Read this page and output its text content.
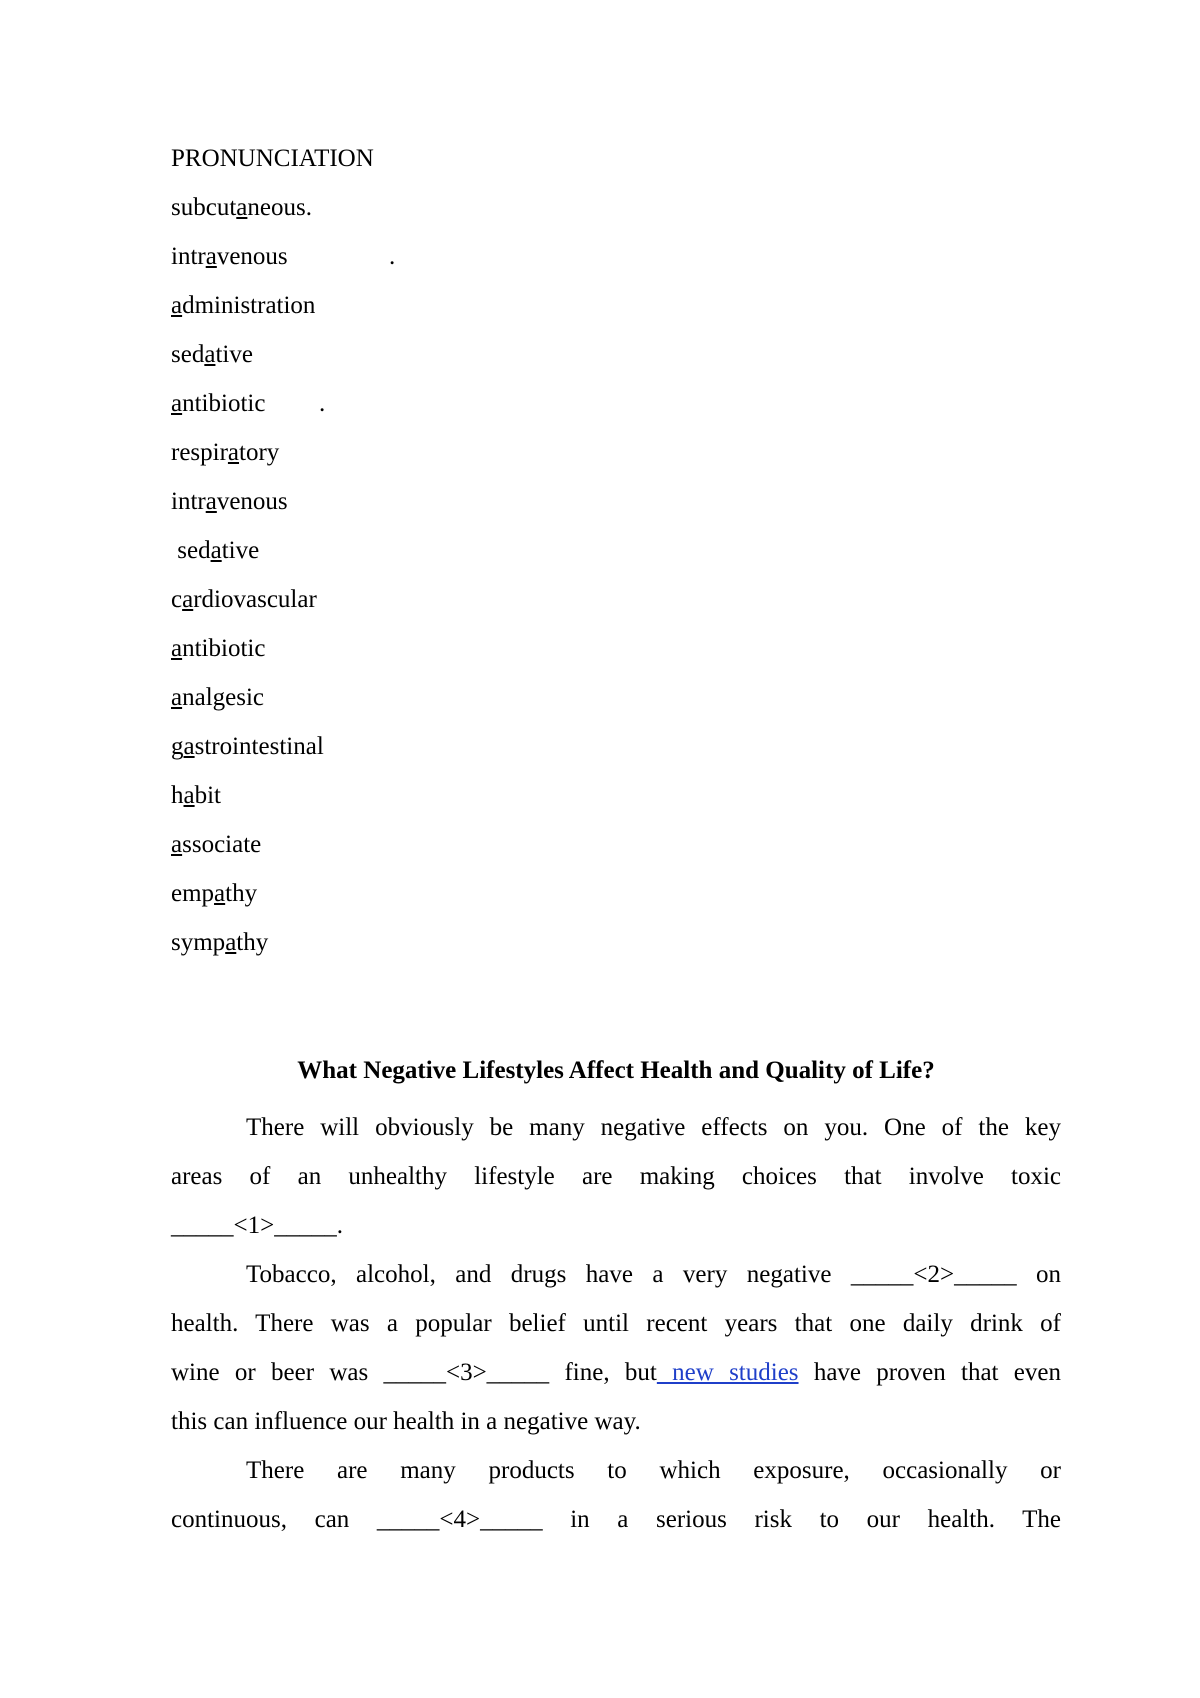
PRONUNCIATION
subcutaneous.
intravenous	.
administration
sedative
antibiotic .
respiratory
intravenous
sedative
cardiovascular
antibiotic
analgesic
gastrointestinal
habit
associate
empathy
sympathy
What Negative Lifestyles Affect Health and Quality of Life?
There will obviously be many negative effects on you. One of the key
areas of an unhealthy lifestyle are making choices that involve toxic
_____<1>_____.
Tobacco, alcohol, and drugs have a very negative _____<2>_____ on
health. There was a popular belief until recent years that one daily drink of
wine or beer was _____<3>_____ fine, but new studies have proven that even
this can influence our health in a negative way.
There are many products to which exposure, occasionally or
continuous, can _____<4>_____ in a serious risk to our health. The
